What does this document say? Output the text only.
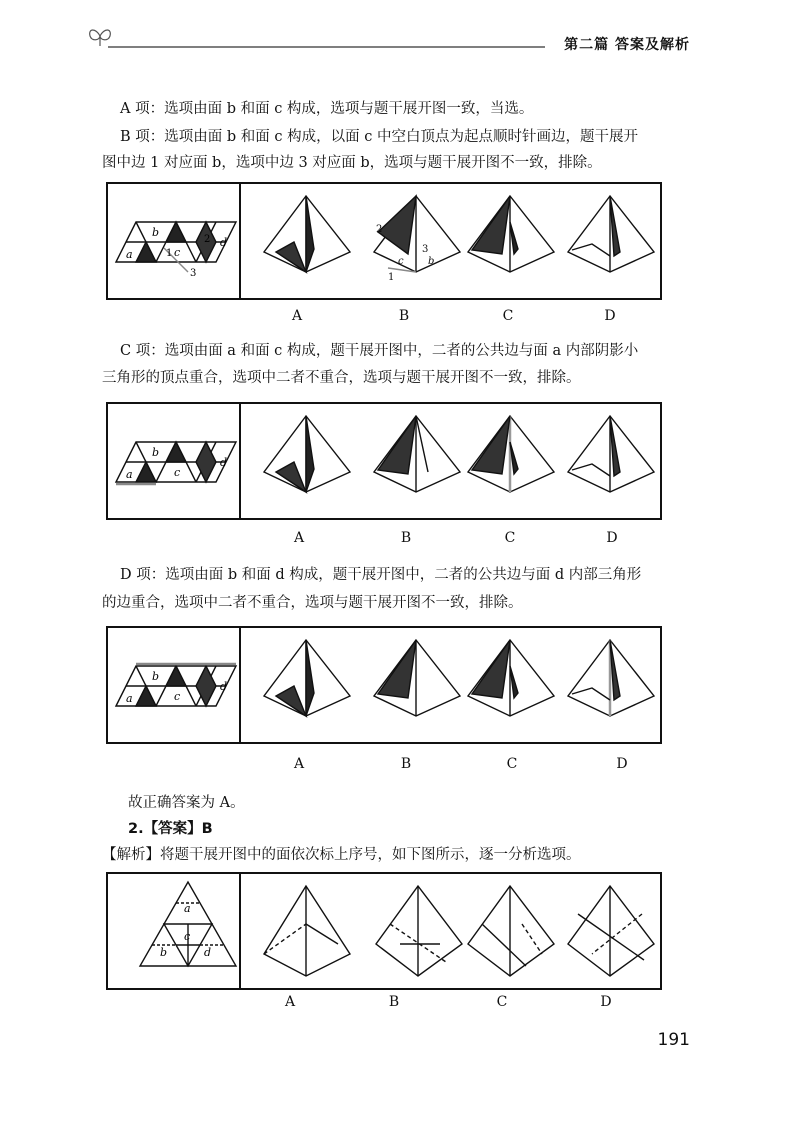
第二篇 答案及解析
A 项：选项由面 b 和面 c 构成，选项与题干展开图一致，当选。
B 项：选项由面 b 和面 c 构成，以面 c 中空白顶点为起点顺时针画边，题干展开
图中边 1 对应面 b，选项中边 3 对应面 b，选项与题干展开图不一致，排除。
a
b
c
d
1
2
3
2
3
c b
1
A	B	C	D
C 项：选项由面 a 和面 c 构成，题干展开图中，二者的公共边与面 a 内部阴影小
三角形的顶点重合，选项中二者不重合，选项与题干展开图不一致，排除。
a
b
c
d
A	B	C	D
D 项：选项由面 b 和面 d 构成，题干展开图中，二者的公共边与面 d 内部三角形
的边重合，选项中二者不重合，选项与题干展开图不一致，排除。
a
b
c
d
A	B	C	D
故正确答案为 A。
2.【答案】B
【解析】将题干展开图中的面依次标上序号，如下图所示，逐一分析选项。
a
b
c
d
A	B	C	D
191
